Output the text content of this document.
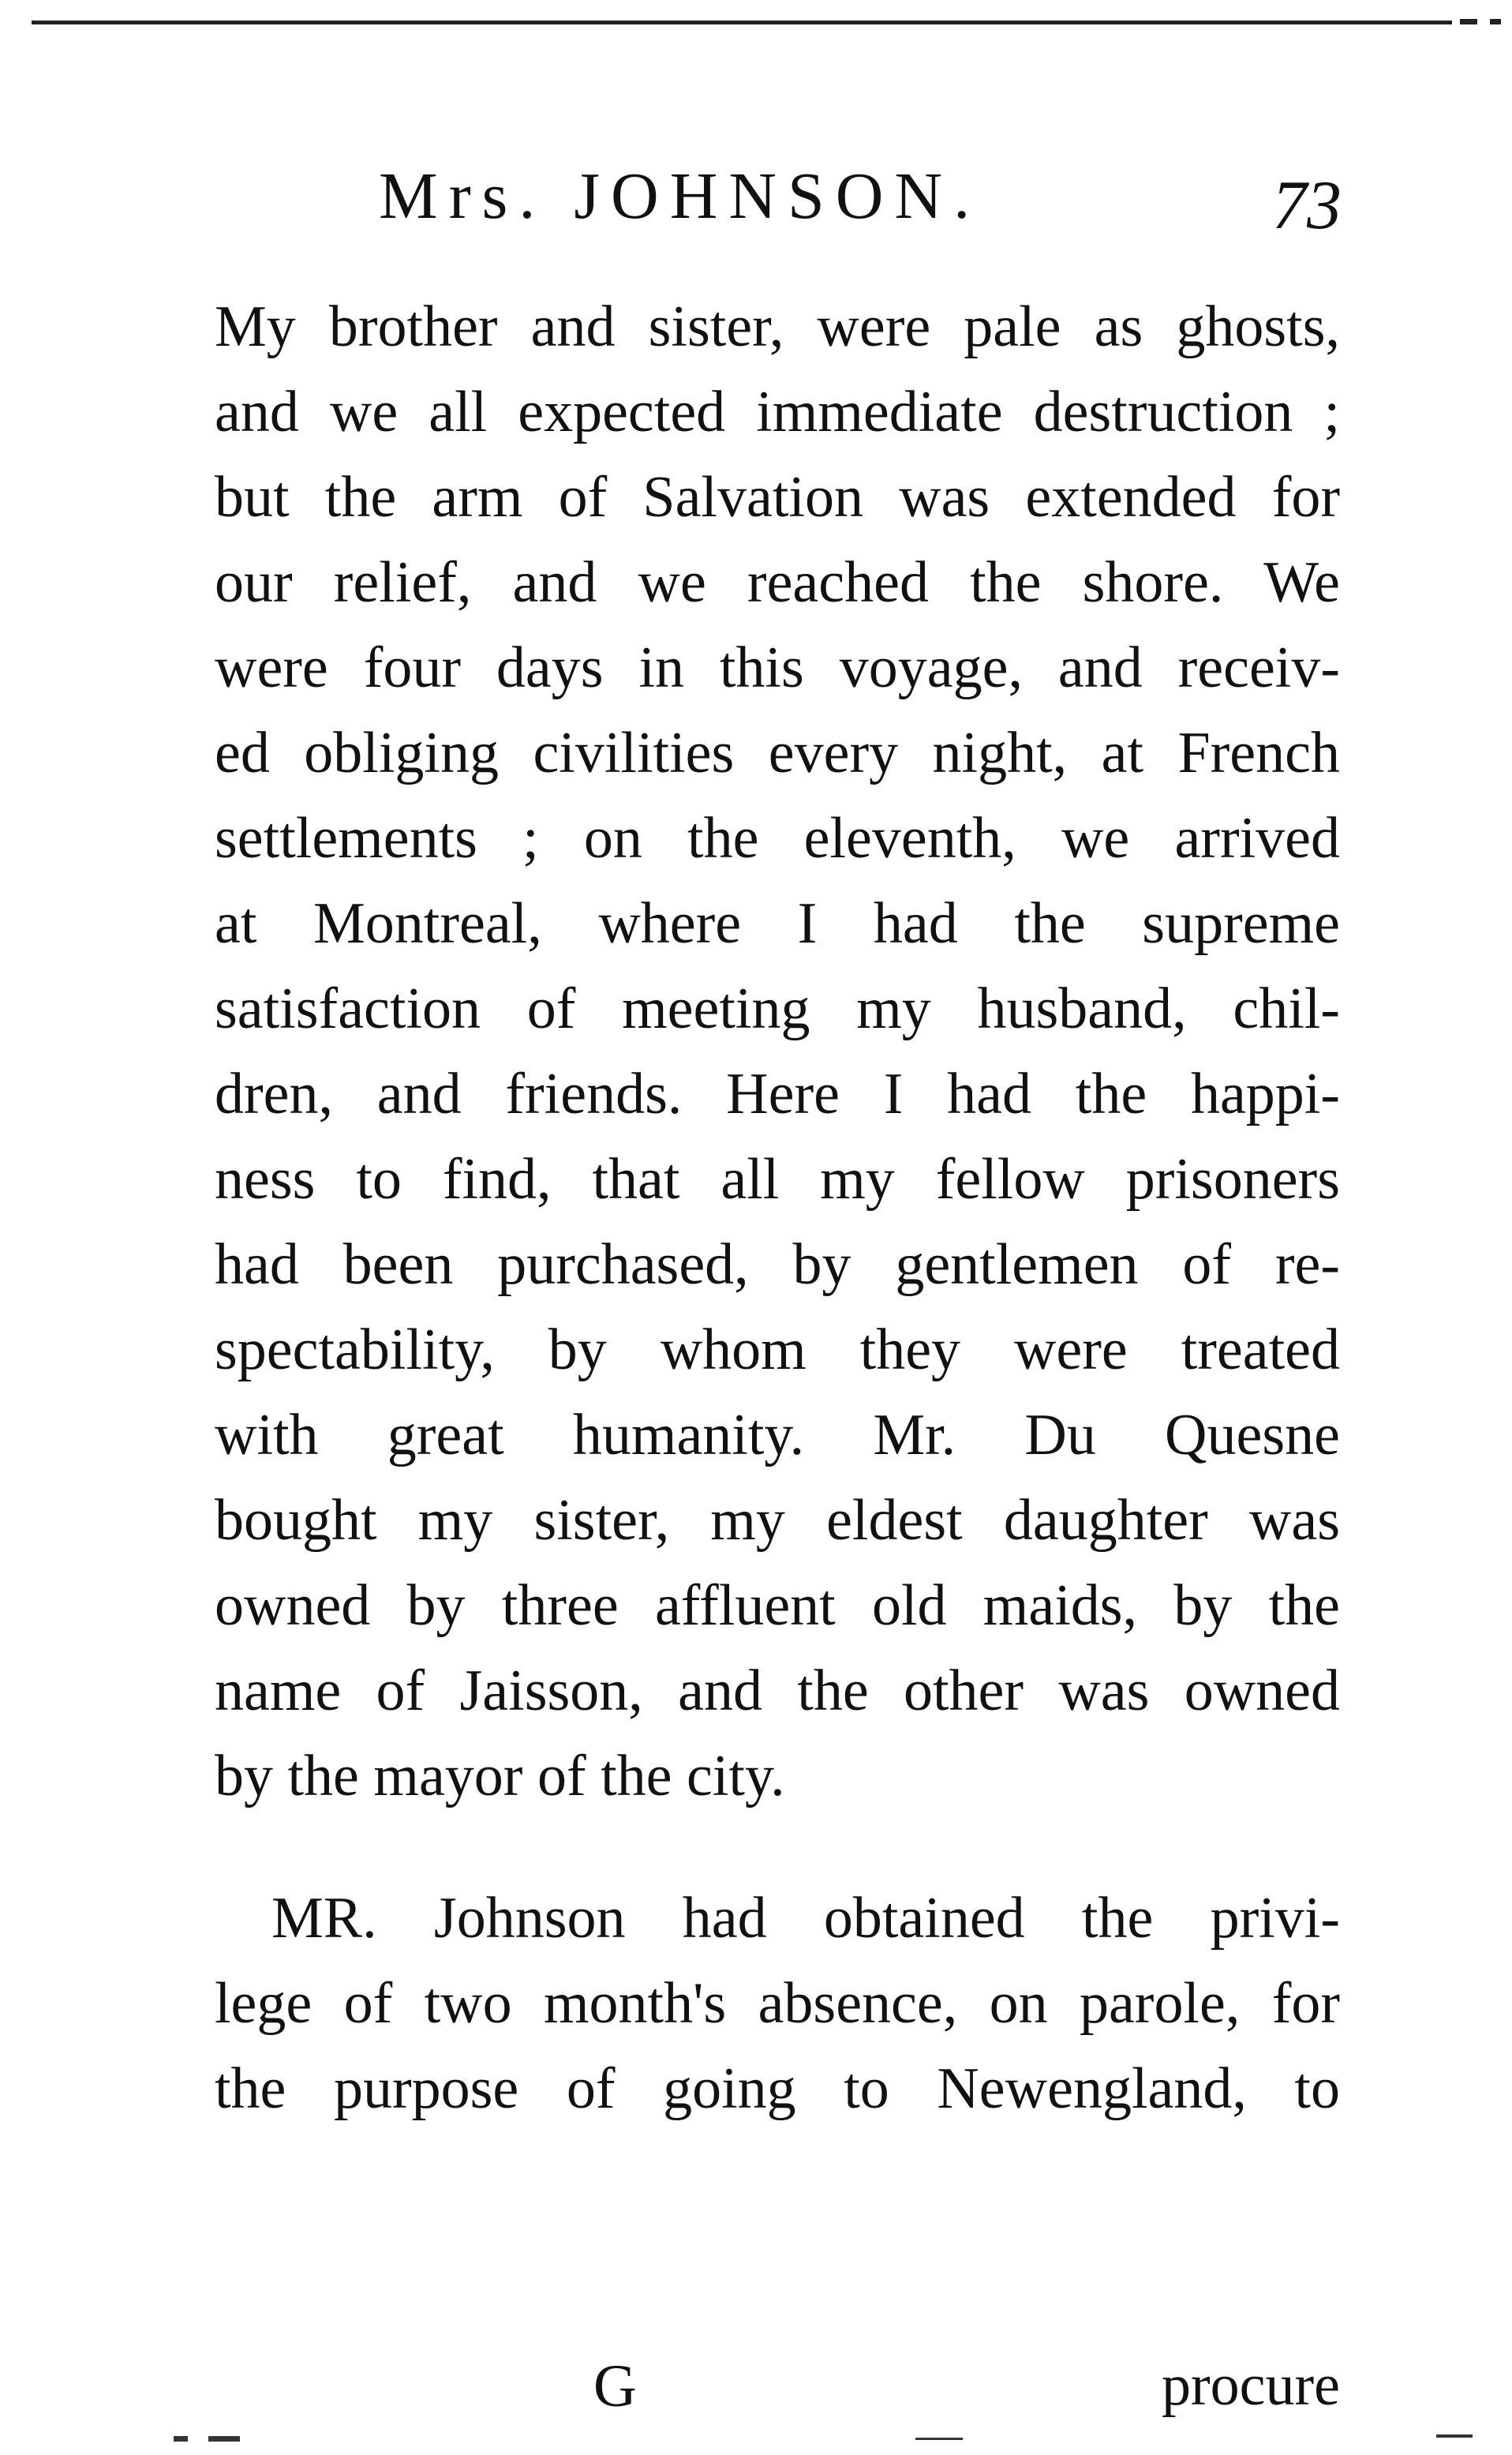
Mrs. JOHNSON.	73
My brother and sister, were pale as ghosts,
and we all expected immediate destruction ;
but the arm of Salvation was extended for
our relief, and we reached the shore. We
were four days in this voyage, and receiv-
ed obliging civilities every night, at French
settlements ; on the eleventh, we arrived
at Montreal, where I had the supreme
satisfaction of meeting my husband, chil-
dren, and friends. Here I had the happi-
ness to find, that all my fellow prisoners
had been purchased, by gentlemen of re-
spectability, by whom they were treated
with great humanity. Mr. Du Quesne
bought my sister, my eldest daughter was
owned by three affluent old maids, by the
name of Jaisson, and the other was owned
by the mayor of the city.
MR. Johnson had obtained the privi-
lege of two month's absence, on parole, for
the purpose of going to Newengland, to
G	procure
